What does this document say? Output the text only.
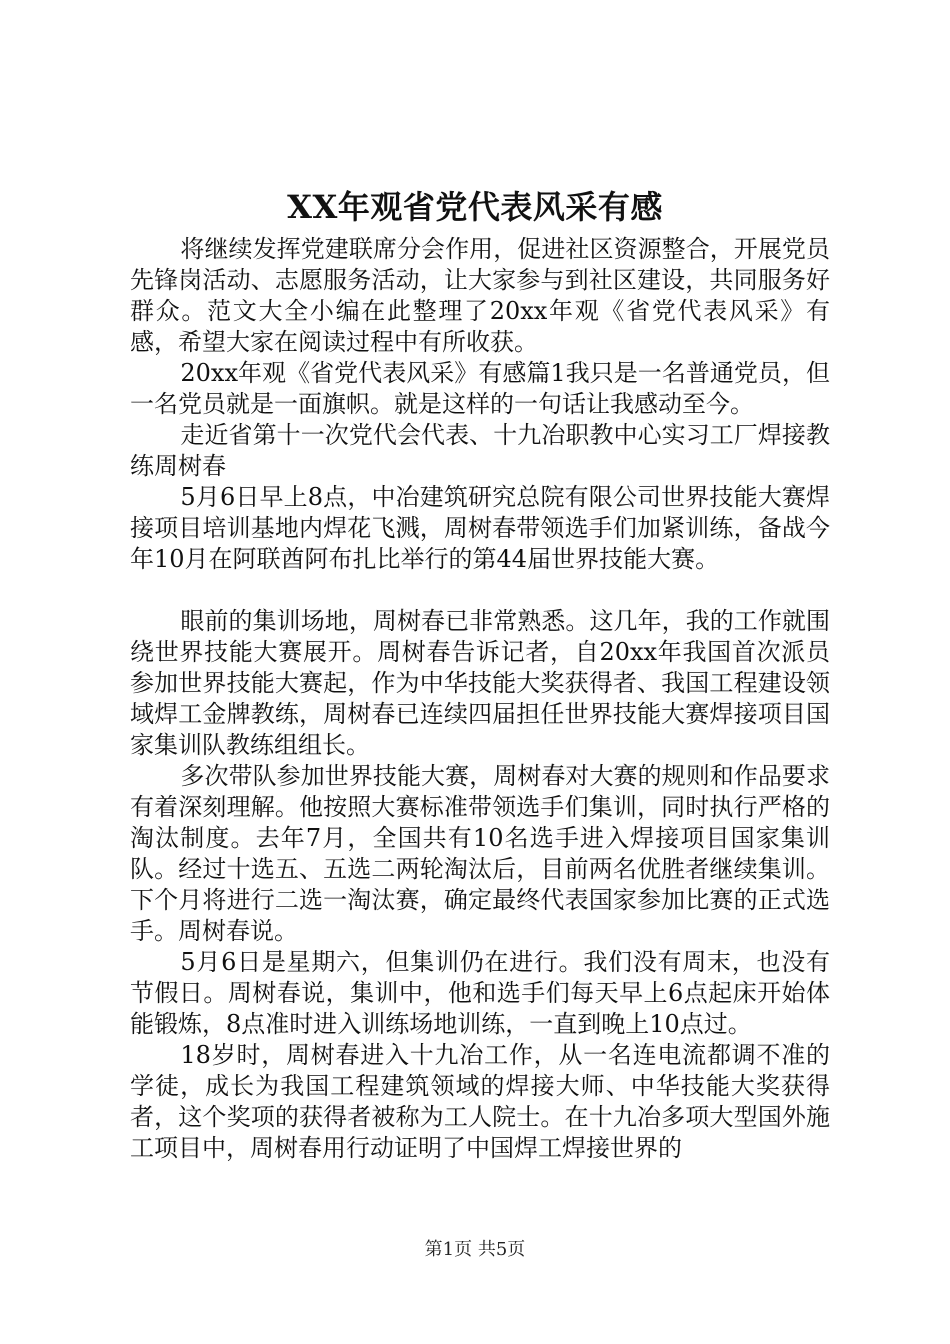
XX年观省党代表风采有感

将继续发挥党建联席分会作用，促进社区资源整合，开展党员先锋岗活动、志愿服务活动，让大家参与到社区建设，共同服务好群众。范文大全小编在此整理了20xx年观《省党代表风采》有感，希望大家在阅读过程中有所收获。

20xx年观《省党代表风采》有感篇1我只是一名普通党员，但一名党员就是一面旗帜。就是这样的一句话让我感动至今。

走近省第十一次党代会代表、十九冶职教中心实习工厂焊接教练周树春

5月6日早上8点，中冶建筑研究总院有限公司世界技能大赛焊接项目培训基地内焊花飞溅，周树春带领选手们加紧训练，备战今年10月在阿联酋阿布扎比举行的第44届世界技能大赛。

眼前的集训场地，周树春已非常熟悉。这几年，我的工作就围绕世界技能大赛展开。周树春告诉记者，自20xx年我国首次派员参加世界技能大赛起，作为中华技能大奖获得者、我国工程建设领域焊工金牌教练，周树春已连续四届担任世界技能大赛焊接项目国家集训队教练组组长。

多次带队参加世界技能大赛，周树春对大赛的规则和作品要求有着深刻理解。他按照大赛标准带领选手们集训，同时执行严格的淘汰制度。去年7月，全国共有10名选手进入焊接项目国家集训队。经过十选五、五选二两轮淘汰后，目前两名优胜者继续集训。下个月将进行二选一淘汰赛，确定最终代表国家参加比赛的正式选手。周树春说。

5月6日是星期六，但集训仍在进行。我们没有周末，也没有节假日。周树春说，集训中，他和选手们每天早上6点起床开始体能锻炼，8点准时进入训练场地训练，一直到晚上10点过。

18岁时，周树春进入十九冶工作，从一名连电流都调不准的学徒，成长为我国工程建筑领域的焊接大师、中华技能大奖获得者，这个奖项的获得者被称为工人院士。在十九冶多项大型国外施工项目中，周树春用行动证明了中国焊工焊接世界的

第1页 共5页
